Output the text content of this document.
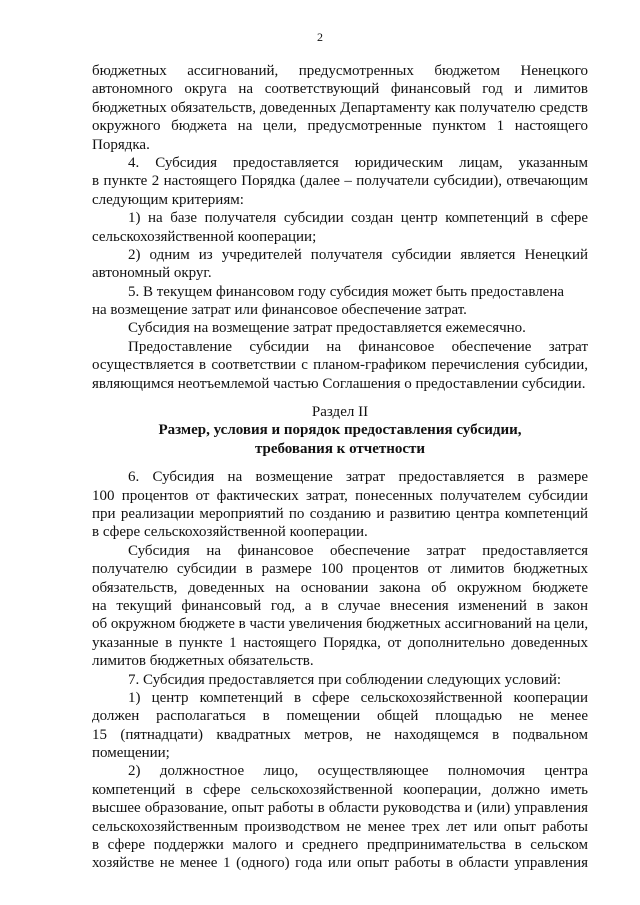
2
бюджетных ассигнований, предусмотренных бюджетом Ненецкого
автономного округа на соответствующий финансовый год и лимитов
бюджетных обязательств, доведенных Департаменту как получателю средств
окружного бюджета на цели, предусмотренные пунктом 1 настоящего
Порядка.
4. Субсидия предоставляется юридическим лицам, указанным
в пункте 2 настоящего Порядка (далее – получатели субсидии), отвечающим
следующим критериям:
1) на базе получателя субсидии создан центр компетенций в сфере
сельскохозяйственной кооперации;
2) одним из учредителей получателя субсидии является Ненецкий
автономный округ.
5. В текущем финансовом году субсидия может быть предоставлена
на возмещение затрат или финансовое обеспечение затрат.
Субсидия на возмещение затрат предоставляется ежемесячно.
Предоставление субсидии на финансовое обеспечение затрат
осуществляется в соответствии с планом-графиком перечисления субсидии,
являющимся неотъемлемой частью Соглашения о предоставлении субсидии.
Раздел II
Размер, условия и порядок предоставления субсидии,
требования к отчетности
6. Субсидия на возмещение затрат предоставляется в размере
100 процентов от фактических затрат, понесенных получателем субсидии
при реализации мероприятий по созданию и развитию центра компетенций
в сфере сельскохозяйственной кооперации.
Субсидия на финансовое обеспечение затрат предоставляется
получателю субсидии в размере 100 процентов от лимитов бюджетных
обязательств, доведенных на основании закона об окружном бюджете
на текущий финансовый год, а в случае внесения изменений в закон
об окружном бюджете в части увеличения бюджетных ассигнований на цели,
указанные в пункте 1 настоящего Порядка, от дополнительно доведенных
лимитов бюджетных обязательств.
7. Субсидия предоставляется при соблюдении следующих условий:
1) центр компетенций в сфере сельскохозяйственной кооперации
должен располагаться в помещении общей площадью не менее
15 (пятнадцати) квадратных метров, не находящемся в подвальном
помещении;
2) должностное лицо, осуществляющее полномочия центра
компетенций в сфере сельскохозяйственной кооперации, должно иметь
высшее образование, опыт работы в области руководства и (или) управления
сельскохозяйственным производством не менее трех лет или опыт работы
в сфере поддержки малого и среднего предпринимательства в сельском
хозяйстве не менее 1 (одного) года или опыт работы в области управления
